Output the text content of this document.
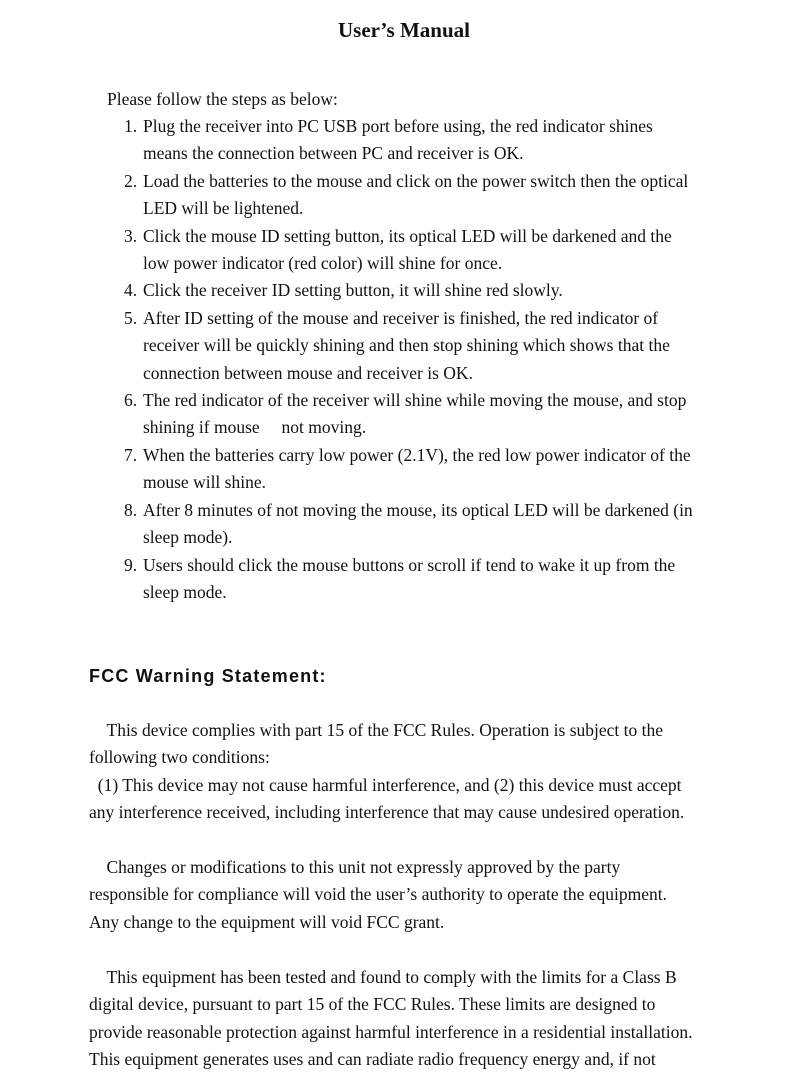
User’s Manual
Please follow the steps as below:
1. Plug the receiver into PC USB port before using, the red indicator shines
means the connection between PC and receiver is OK.
2. Load the batteries to the mouse and click on the power switch then the optical
LED will be lightened.
3. Click the mouse ID setting button, its optical LED will be darkened and the
low power indicator (red color) will shine for once.
4. Click the receiver ID setting button, it will shine red slowly.
5. After ID setting of the mouse and receiver is finished, the red indicator of
receiver will be quickly shining and then stop shining which shows that the
connection between mouse and receiver is OK.
6. The red indicator of the receiver will shine while moving the mouse, and stop
shining if mouse  not moving.
7. When the batteries carry low power (2.1V), the red low power indicator of the
mouse will shine.
8. After 8 minutes of not moving the mouse, its optical LED will be darkened (in
sleep mode).
9. Users should click the mouse buttons or scroll if tend to wake it up from the
sleep mode.
FCC Warning Statement:
 This device complies with part 15 of the FCC Rules. Operation is subject to the
following two conditions:
 (1) This device may not cause harmful interference, and (2) this device must accept
any interference received, including interference that may cause undesired operation.
 Changes or modifications to this unit not expressly approved by the party
responsible for compliance will void the user’s authority to operate the equipment.
Any change to the equipment will void FCC grant.
 This equipment has been tested and found to comply with the limits for a Class B
digital device, pursuant to part 15 of the FCC Rules. These limits are designed to
provide reasonable protection against harmful interference in a residential installation.
This equipment generates uses and can radiate radio frequency energy and, if not
